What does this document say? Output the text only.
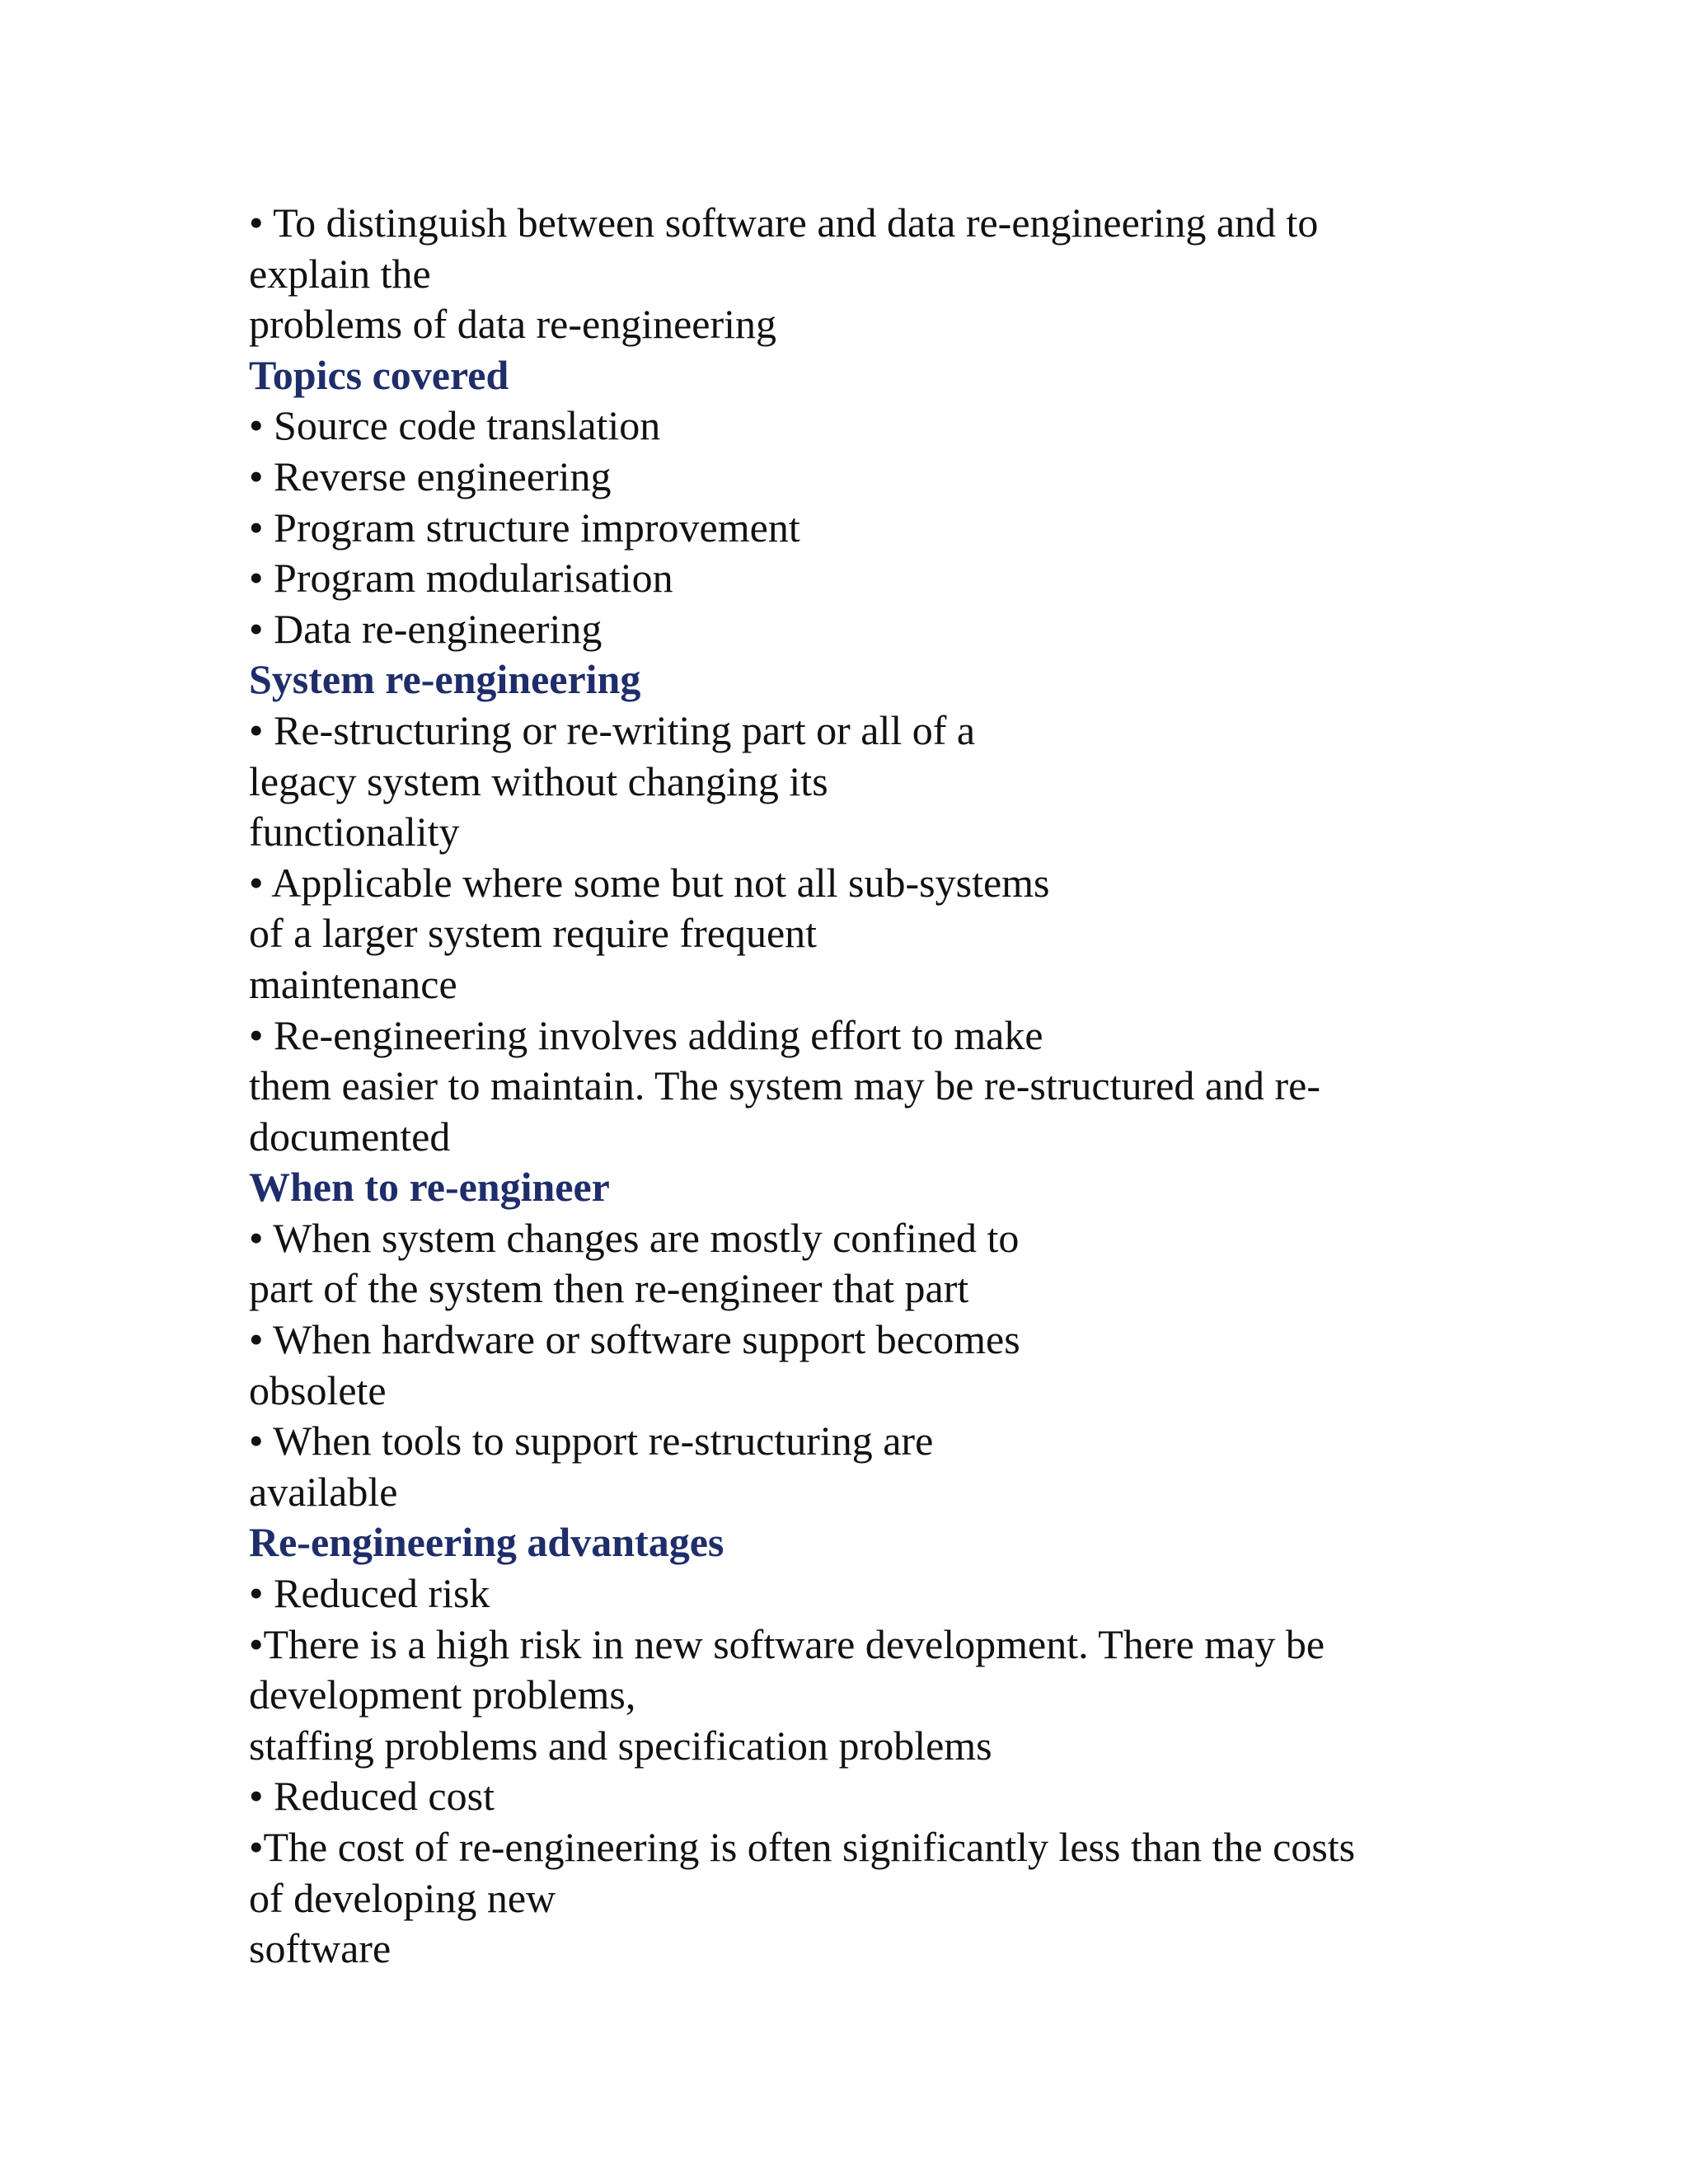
• To distinguish between software and data re-engineering and to
explain the
problems of data re-engineering
Topics covered
• Source code translation
• Reverse engineering
• Program structure improvement
• Program modularisation
• Data re-engineering
System re-engineering
• Re-structuring or re-writing part or all of a
legacy system without changing its
functionality
• Applicable where some but not all sub-systems
of a larger system require frequent
maintenance
• Re-engineering involves adding effort to make
them easier to maintain. The system may be re-structured and re-
documented
When to re-engineer
• When system changes are mostly confined to
part of the system then re-engineer that part
• When hardware or software support becomes
obsolete
• When tools to support re-structuring are
available
Re-engineering advantages
• Reduced risk
•There is a high risk in new software development. There may be
development problems,
staffing problems and specification problems
• Reduced cost
•The cost of re-engineering is often significantly less than the costs
of developing new
software
